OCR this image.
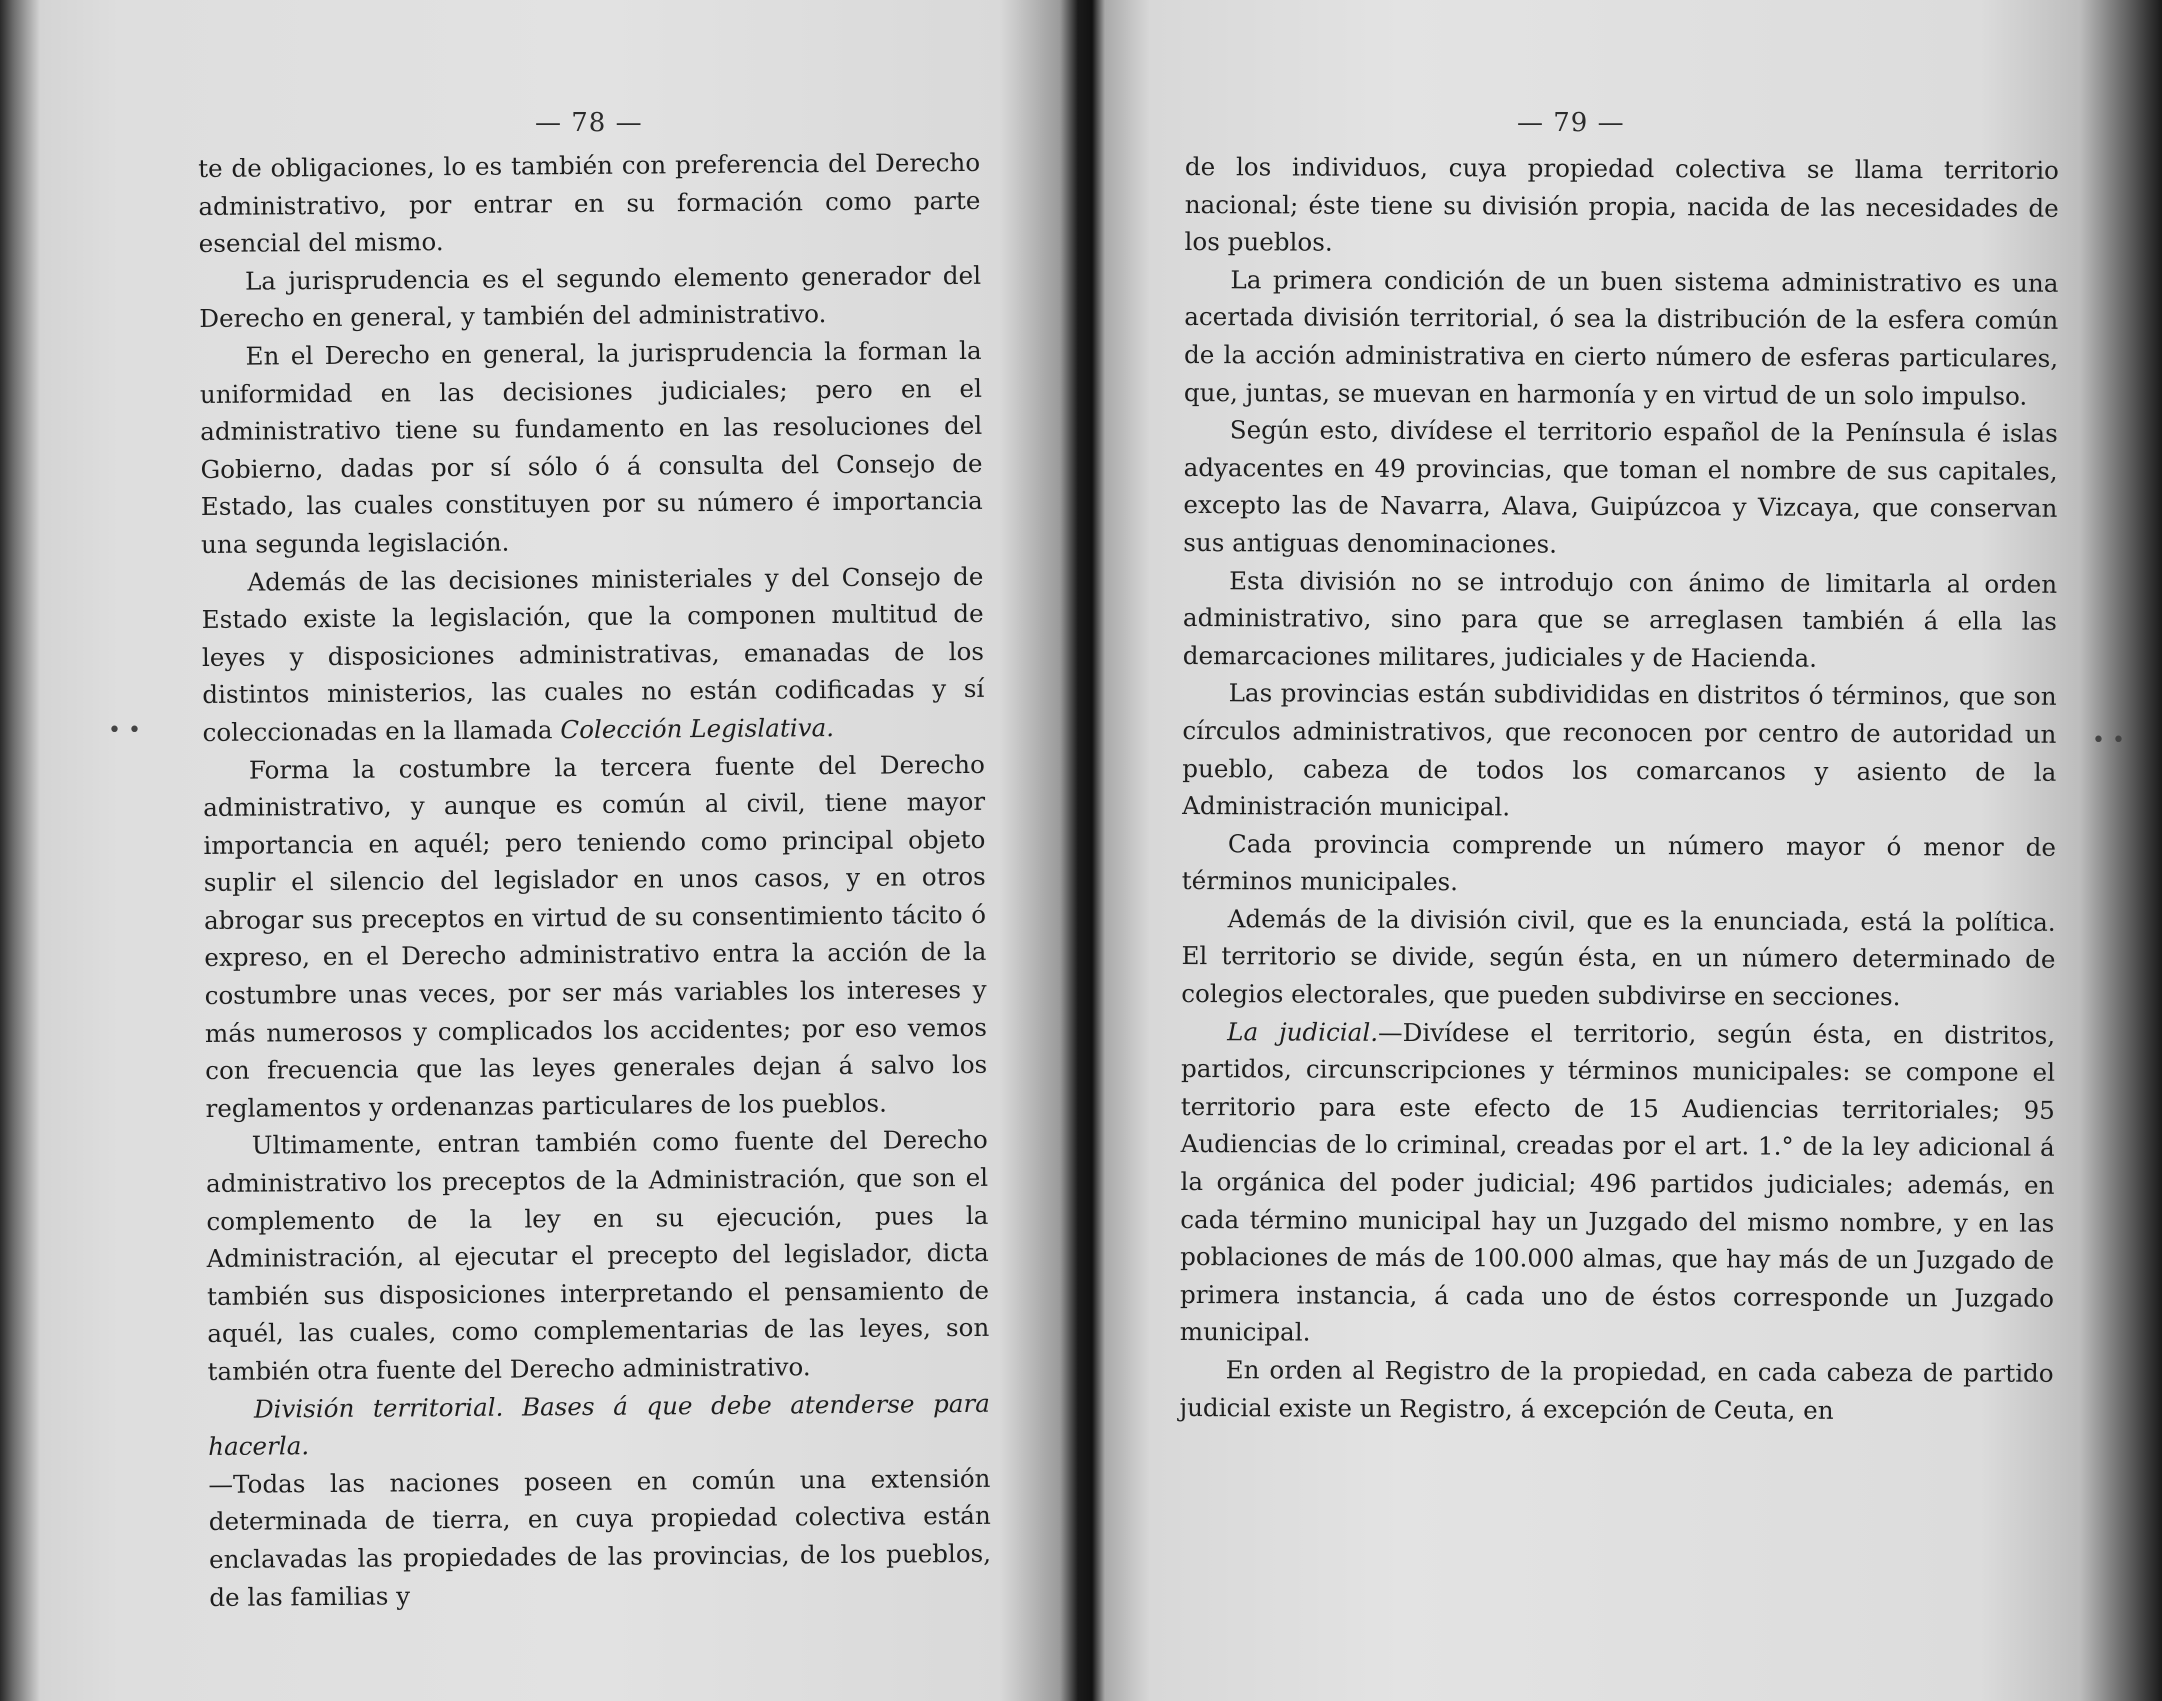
— 78 —

te de obligaciones, lo es también con preferencia del Derecho administrativo, por entrar en su formación como parte esencial del mismo.

La jurisprudencia es el segundo elemento generador del Derecho en general, y también del administrativo.

En el Derecho en general, la jurisprudencia la forman la uniformidad en las decisiones judiciales; pero en el administrativo tiene su fundamento en las resoluciones del Gobierno, dadas por sí sólo ó á consulta del Consejo de Estado, las cuales constituyen por su número é importancia una segunda legislación.

Además de las decisiones ministeriales y del Consejo de Estado existe la legislación, que la componen multitud de leyes y disposiciones administrativas, emanadas de los distintos ministerios, las cuales no están codificadas y sí coleccionadas en la llamada Colección Legislativa.

Forma la costumbre la tercera fuente del Derecho administrativo, y aunque es común al civil, tiene mayor importancia en aquél; pero teniendo como principal objeto suplir el silencio del legislador en unos casos, y en otros abrogar sus preceptos en virtud de su consentimiento tácito ó expreso, en el Derecho administrativo entra la acción de la costumbre unas veces, por ser más variables los intereses y más numerosos y complicados los accidentes; por eso vemos con frecuencia que las leyes generales dejan á salvo los reglamentos y ordenanzas particulares de los pueblos.

Ultimamente, entran también como fuente del Derecho administrativo los preceptos de la Administración, que son el complemento de la ley en su ejecución, pues la Administración, al ejecutar el precepto del legislador, dicta también sus disposiciones interpretando el pensamiento de aquél, las cuales, como complementarias de las leyes, son también otra fuente del Derecho administrativo.

División territorial. Bases á que debe atenderse para hacerla.

—Todas las naciones poseen en común una extensión determinada de tierra, en cuya propiedad colectiva están enclavadas las propiedades de las provincias, de los pueblos, de las familias y

• •
— 79 —

de los individuos, cuya propiedad colectiva se llama territorio nacional; éste tiene su división propia, nacida de las necesidades de los pueblos.

La primera condición de un buen sistema administrativo es una acertada división territorial, ó sea la distribución de la esfera común de la acción administrativa en cierto número de esferas particulares, que, juntas, se muevan en harmonía y en virtud de un solo impulso.

Según esto, divídese el territorio español de la Península é islas adyacentes en 49 provincias, que toman el nombre de sus capitales, excepto las de Navarra, Alava, Guipúzcoa y Vizcaya, que conservan sus antiguas denominaciones.

Esta división no se introdujo con ánimo de limitarla al orden administrativo, sino para que se arreglasen también á ella las demarcaciones militares, judiciales y de Hacienda.

Las provincias están subdivididas en distritos ó términos, que son círculos administrativos, que reconocen por centro de autoridad un pueblo, cabeza de todos los comarcanos y asiento de la Administración municipal.

Cada provincia comprende un número mayor ó menor de términos municipales.

Además de la división civil, que es la enunciada, está la política. El territorio se divide, según ésta, en un número determinado de colegios electorales, que pueden subdivirse en secciones.

La judicial.—Divídese el territorio, según ésta, en distritos, partidos, circunscripciones y términos municipales: se compone el territorio para este efecto de 15 Audiencias territoriales; 95 Audiencias de lo criminal, creadas por el art. 1.° de la ley adicional á la orgánica del poder judicial; 496 partidos judiciales; además, en cada término municipal hay un Juzgado del mismo nombre, y en las poblaciones de más de 100.000 almas, que hay más de un Juzgado de primera instancia, á cada uno de éstos corresponde un Juzgado municipal.

En orden al Registro de la propiedad, en cada cabeza de partido judicial existe un Registro, á excepción de Ceuta, en

• •
